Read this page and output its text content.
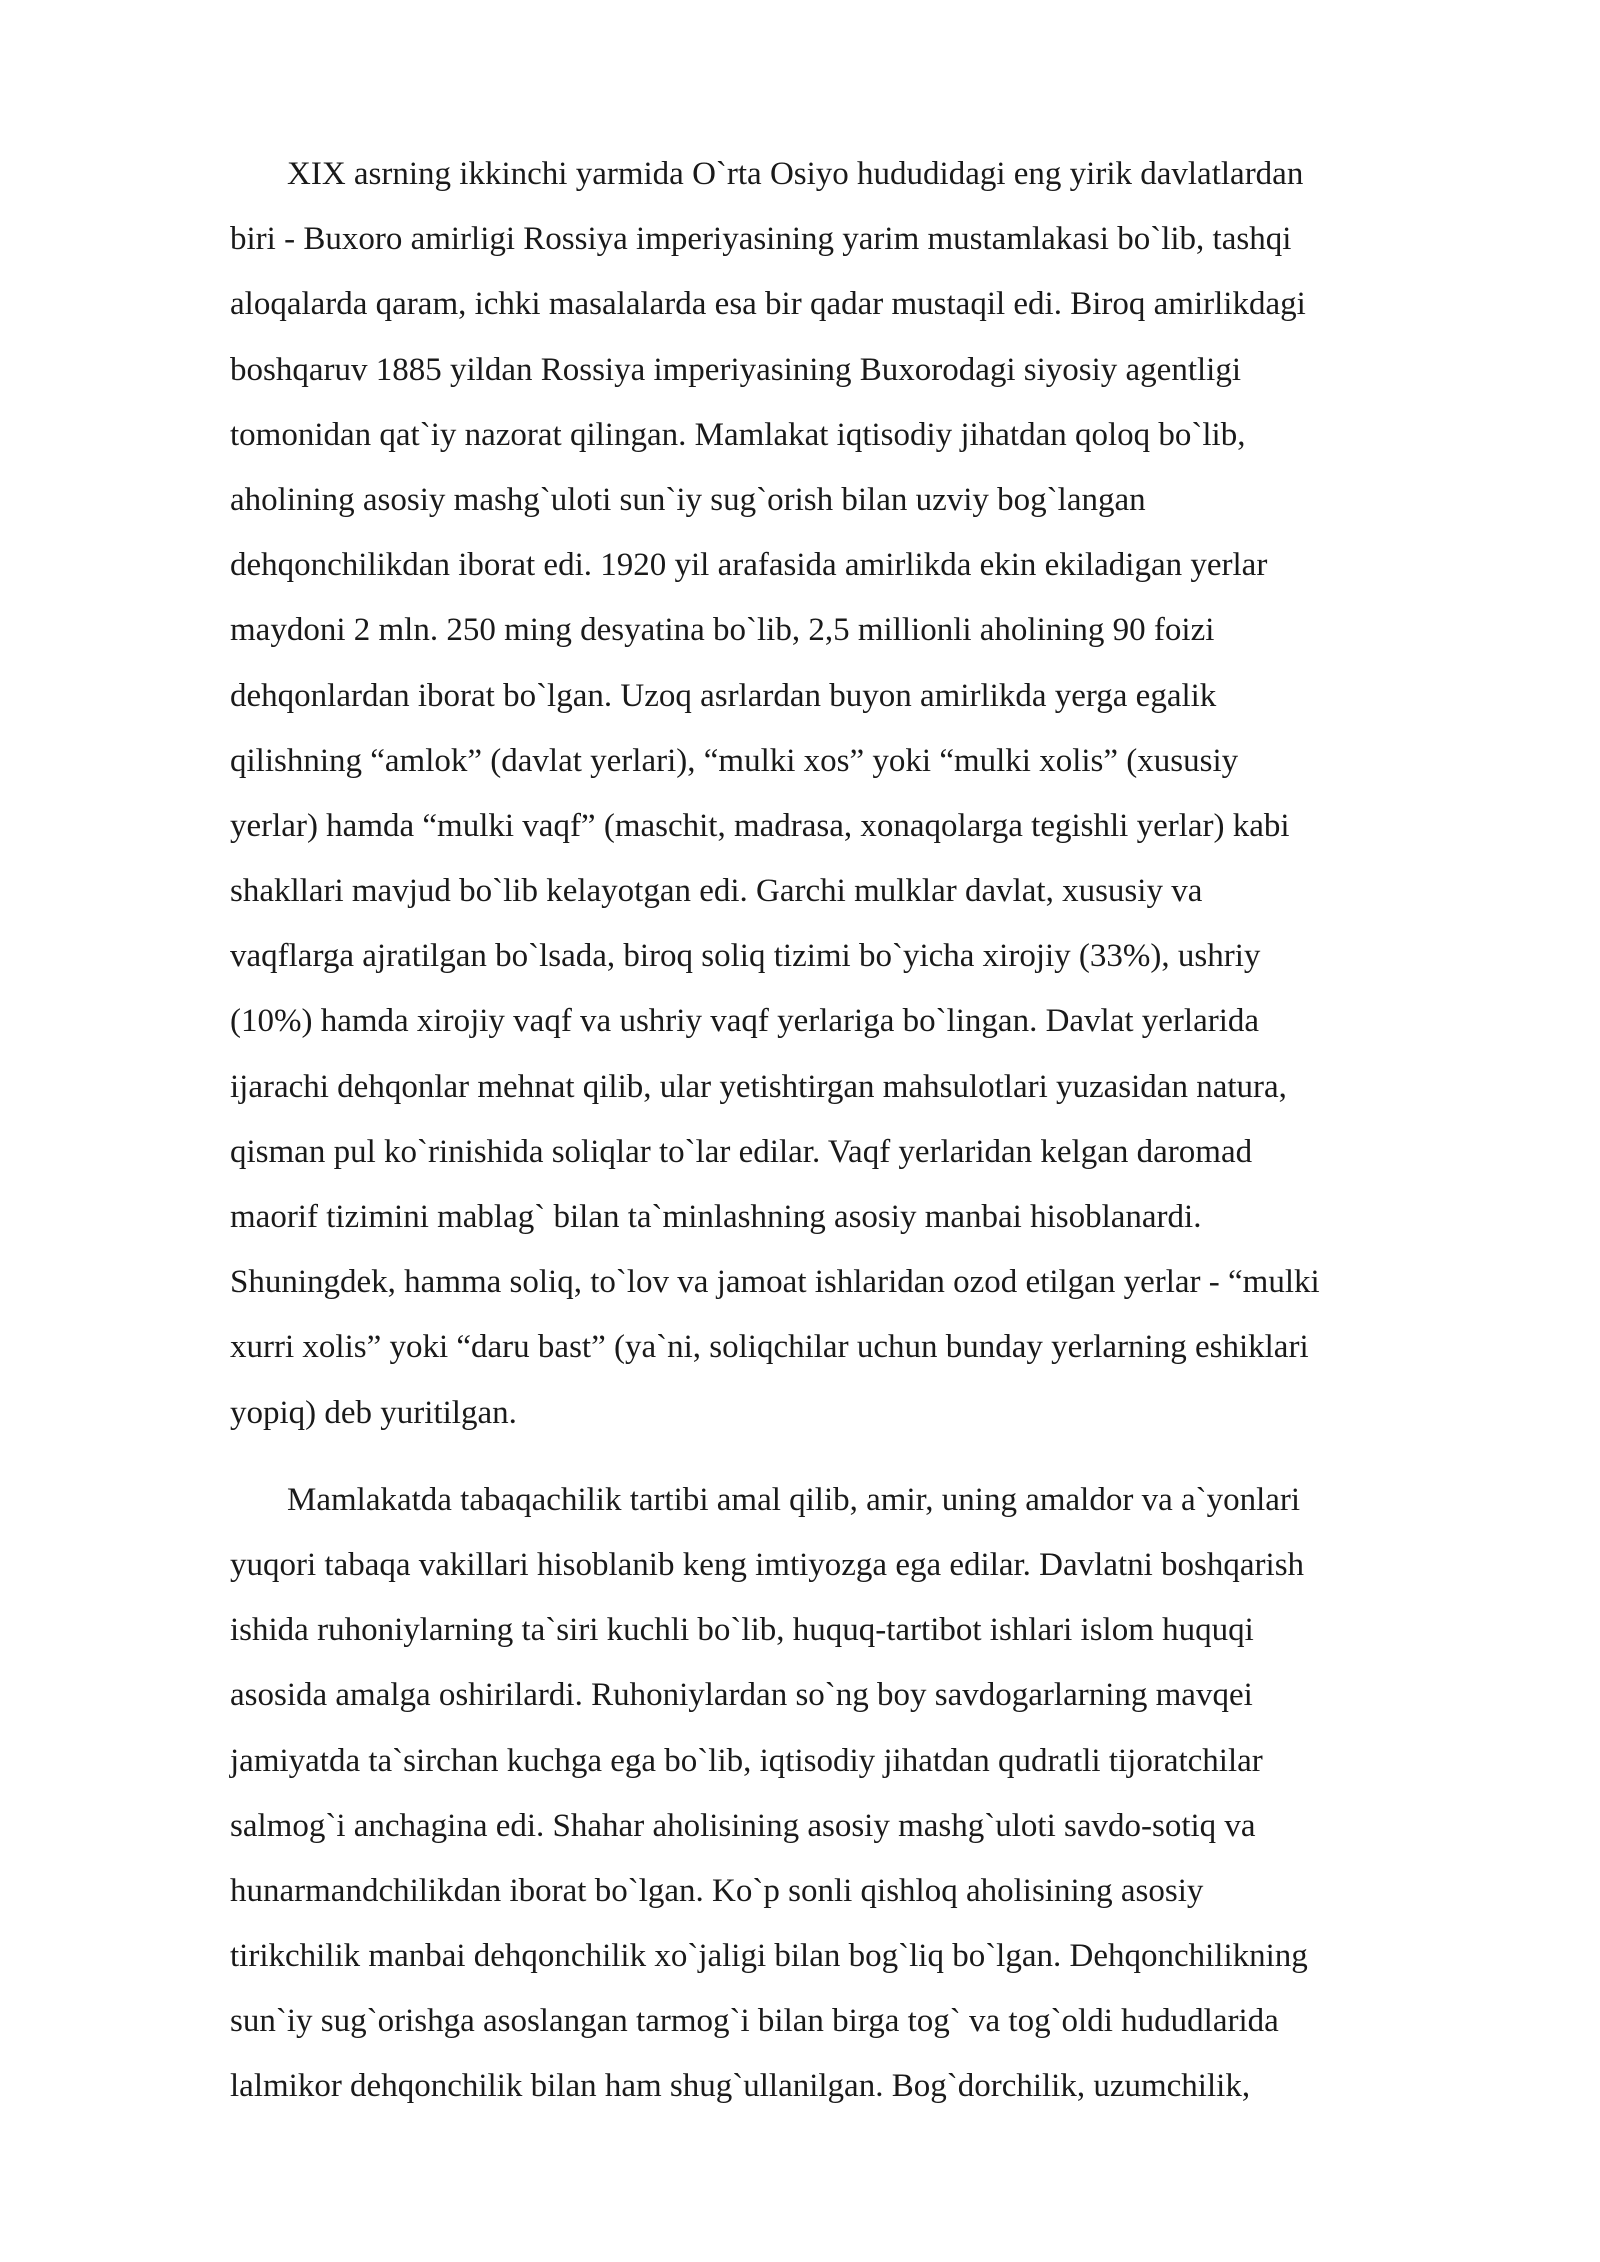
XIX asrning ikkinchi yarmida O`rta Osiyo hududidagi eng yirik davlatlardan
biri - Buxoro amirligi Rossiya imperiyasining yarim mustamlakasi bo`lib, tashqi
aloqalarda qaram, ichki masalalarda esa bir qadar mustaqil edi. Biroq amirlikdagi
boshqaruv 1885 yildan Rossiya imperiyasining Buxorodagi siyosiy agentligi
tomonidan qat`iy nazorat qilingan. Mamlakat iqtisodiy jihatdan qoloq bo`lib,
aholining asosiy mashg`uloti sun`iy sug`orish bilan uzviy bog`langan
dehqonchilikdan iborat edi. 1920 yil arafasida amirlikda ekin ekiladigan yerlar
maydoni 2 mln. 250 ming desyatina bo`lib, 2,5 millionli aholining 90 foizi
dehqonlardan iborat bo`lgan. Uzoq asrlardan buyon amirlikda yerga egalik
qilishning “amlok” (davlat yerlari), “mulki xos” yoki “mulki xolis” (xususiy
yerlar) hamda “mulki vaqf” (maschit, madrasa, xonaqolarga tegishli yerlar) kabi
shakllari mavjud bo`lib kelayotgan edi. Garchi mulklar davlat, xususiy va
vaqflarga ajratilgan bo`lsada, biroq soliq tizimi bo`yicha xirojiy (33%), ushriy
(10%) hamda xirojiy vaqf va ushriy vaqf yerlariga bo`lingan. Davlat yerlarida
ijarachi dehqonlar mehnat qilib, ular yetishtirgan mahsulotlari yuzasidan natura,
qisman pul ko`rinishida soliqlar to`lar edilar. Vaqf yerlaridan kelgan daromad
maorif tizimini mablag` bilan ta`minlashning asosiy manbai hisoblanardi.
Shuningdek, hamma soliq, to`lov va jamoat ishlaridan ozod etilgan yerlar - “mulki
xurri xolis” yoki “daru bast” (ya`ni, soliqchilar uchun bunday yerlarning eshiklari
yopiq) deb yuritilgan.
Mamlakatda tabaqachilik tartibi amal qilib, amir, uning amaldor va a`yonlari
yuqori tabaqa vakillari hisoblanib keng imtiyozga ega edilar. Davlatni boshqarish
ishida ruhoniylarning ta`siri kuchli bo`lib, huquq-tartibot ishlari islom huquqi
asosida amalga oshirilardi. Ruhoniylardan so`ng boy savdogarlarning mavqei
jamiyatda ta`sirchan kuchga ega bo`lib, iqtisodiy jihatdan qudratli tijoratchilar
salmog`i anchagina edi. Shahar aholisining asosiy mashg`uloti savdo-sotiq va
hunarmandchilikdan iborat bo`lgan. Ko`p sonli qishloq aholisining asosiy
tirikchilik manbai dehqonchilik xo`jaligi bilan bog`liq bo`lgan. Dehqonchilikning
sun`iy sug`orishga asoslangan tarmog`i bilan birga tog` va tog`oldi hududlarida
lalmikor dehqonchilik bilan ham shug`ullanilgan. Bog`dorchilik, uzumchilik,
